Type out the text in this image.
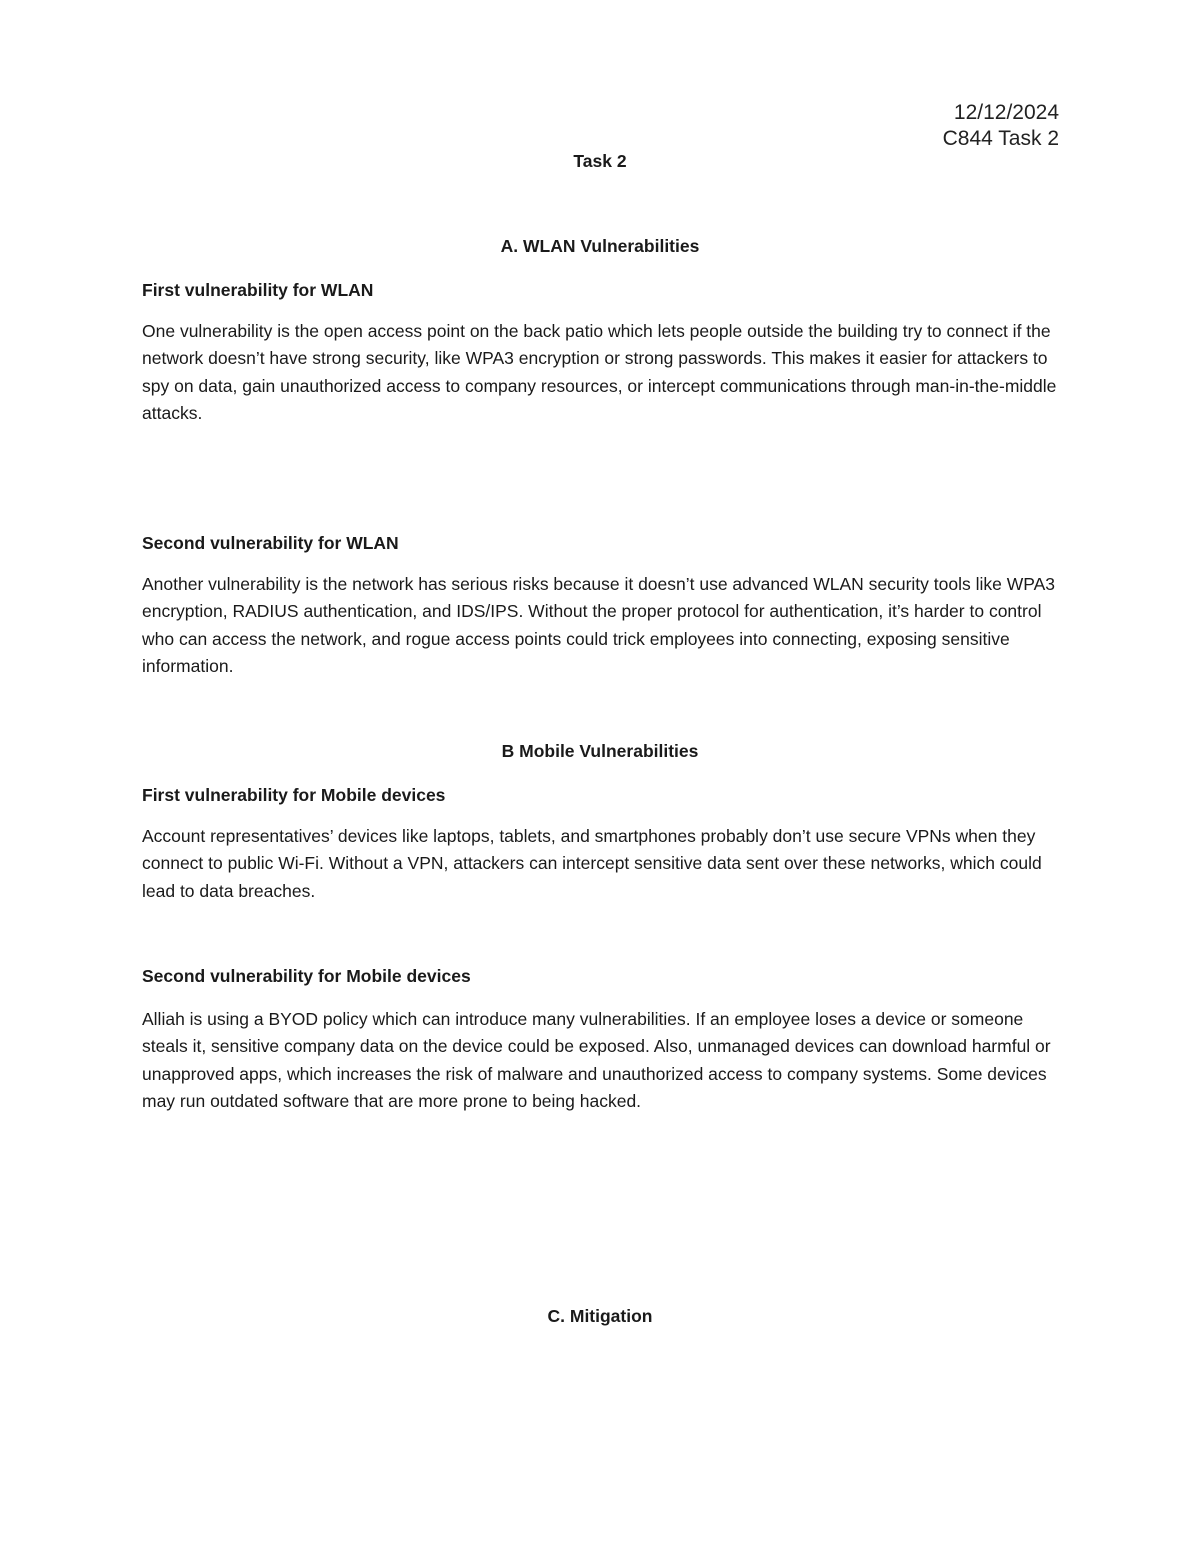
12/12/2024
C844 Task 2
Task 2
A. WLAN Vulnerabilities
First vulnerability for WLAN

One vulnerability is the open access point on the back patio which lets people outside the building try to connect if the network doesn’t have strong security, like WPA3 encryption or strong passwords. This makes it easier for attackers to spy on data, gain unauthorized access to company resources, or intercept communications through man-in-the-middle attacks.

Second vulnerability for WLAN

Another vulnerability is the network has serious risks because it doesn’t use advanced WLAN security tools like WPA3 encryption, RADIUS authentication, and IDS/IPS. Without the proper protocol for authentication, it’s harder to control who can access the network, and rogue access points could trick employees into connecting, exposing sensitive information.

B Mobile Vulnerabilities
First vulnerability for Mobile devices

Account representatives’ devices like laptops, tablets, and smartphones probably don’t use secure VPNs when they connect to public Wi-Fi. Without a VPN, attackers can intercept sensitive data sent over these networks, which could lead to data breaches.

Second vulnerability for Mobile devices

Alliah is using a BYOD policy which can introduce many vulnerabilities. If an employee loses a device or someone steals it, sensitive company data on the device could be exposed. Also, unmanaged devices can download harmful or unapproved apps, which increases the risk of malware and unauthorized access to company systems. Some devices may run outdated software that are more prone to being hacked.

C. Mitigation
